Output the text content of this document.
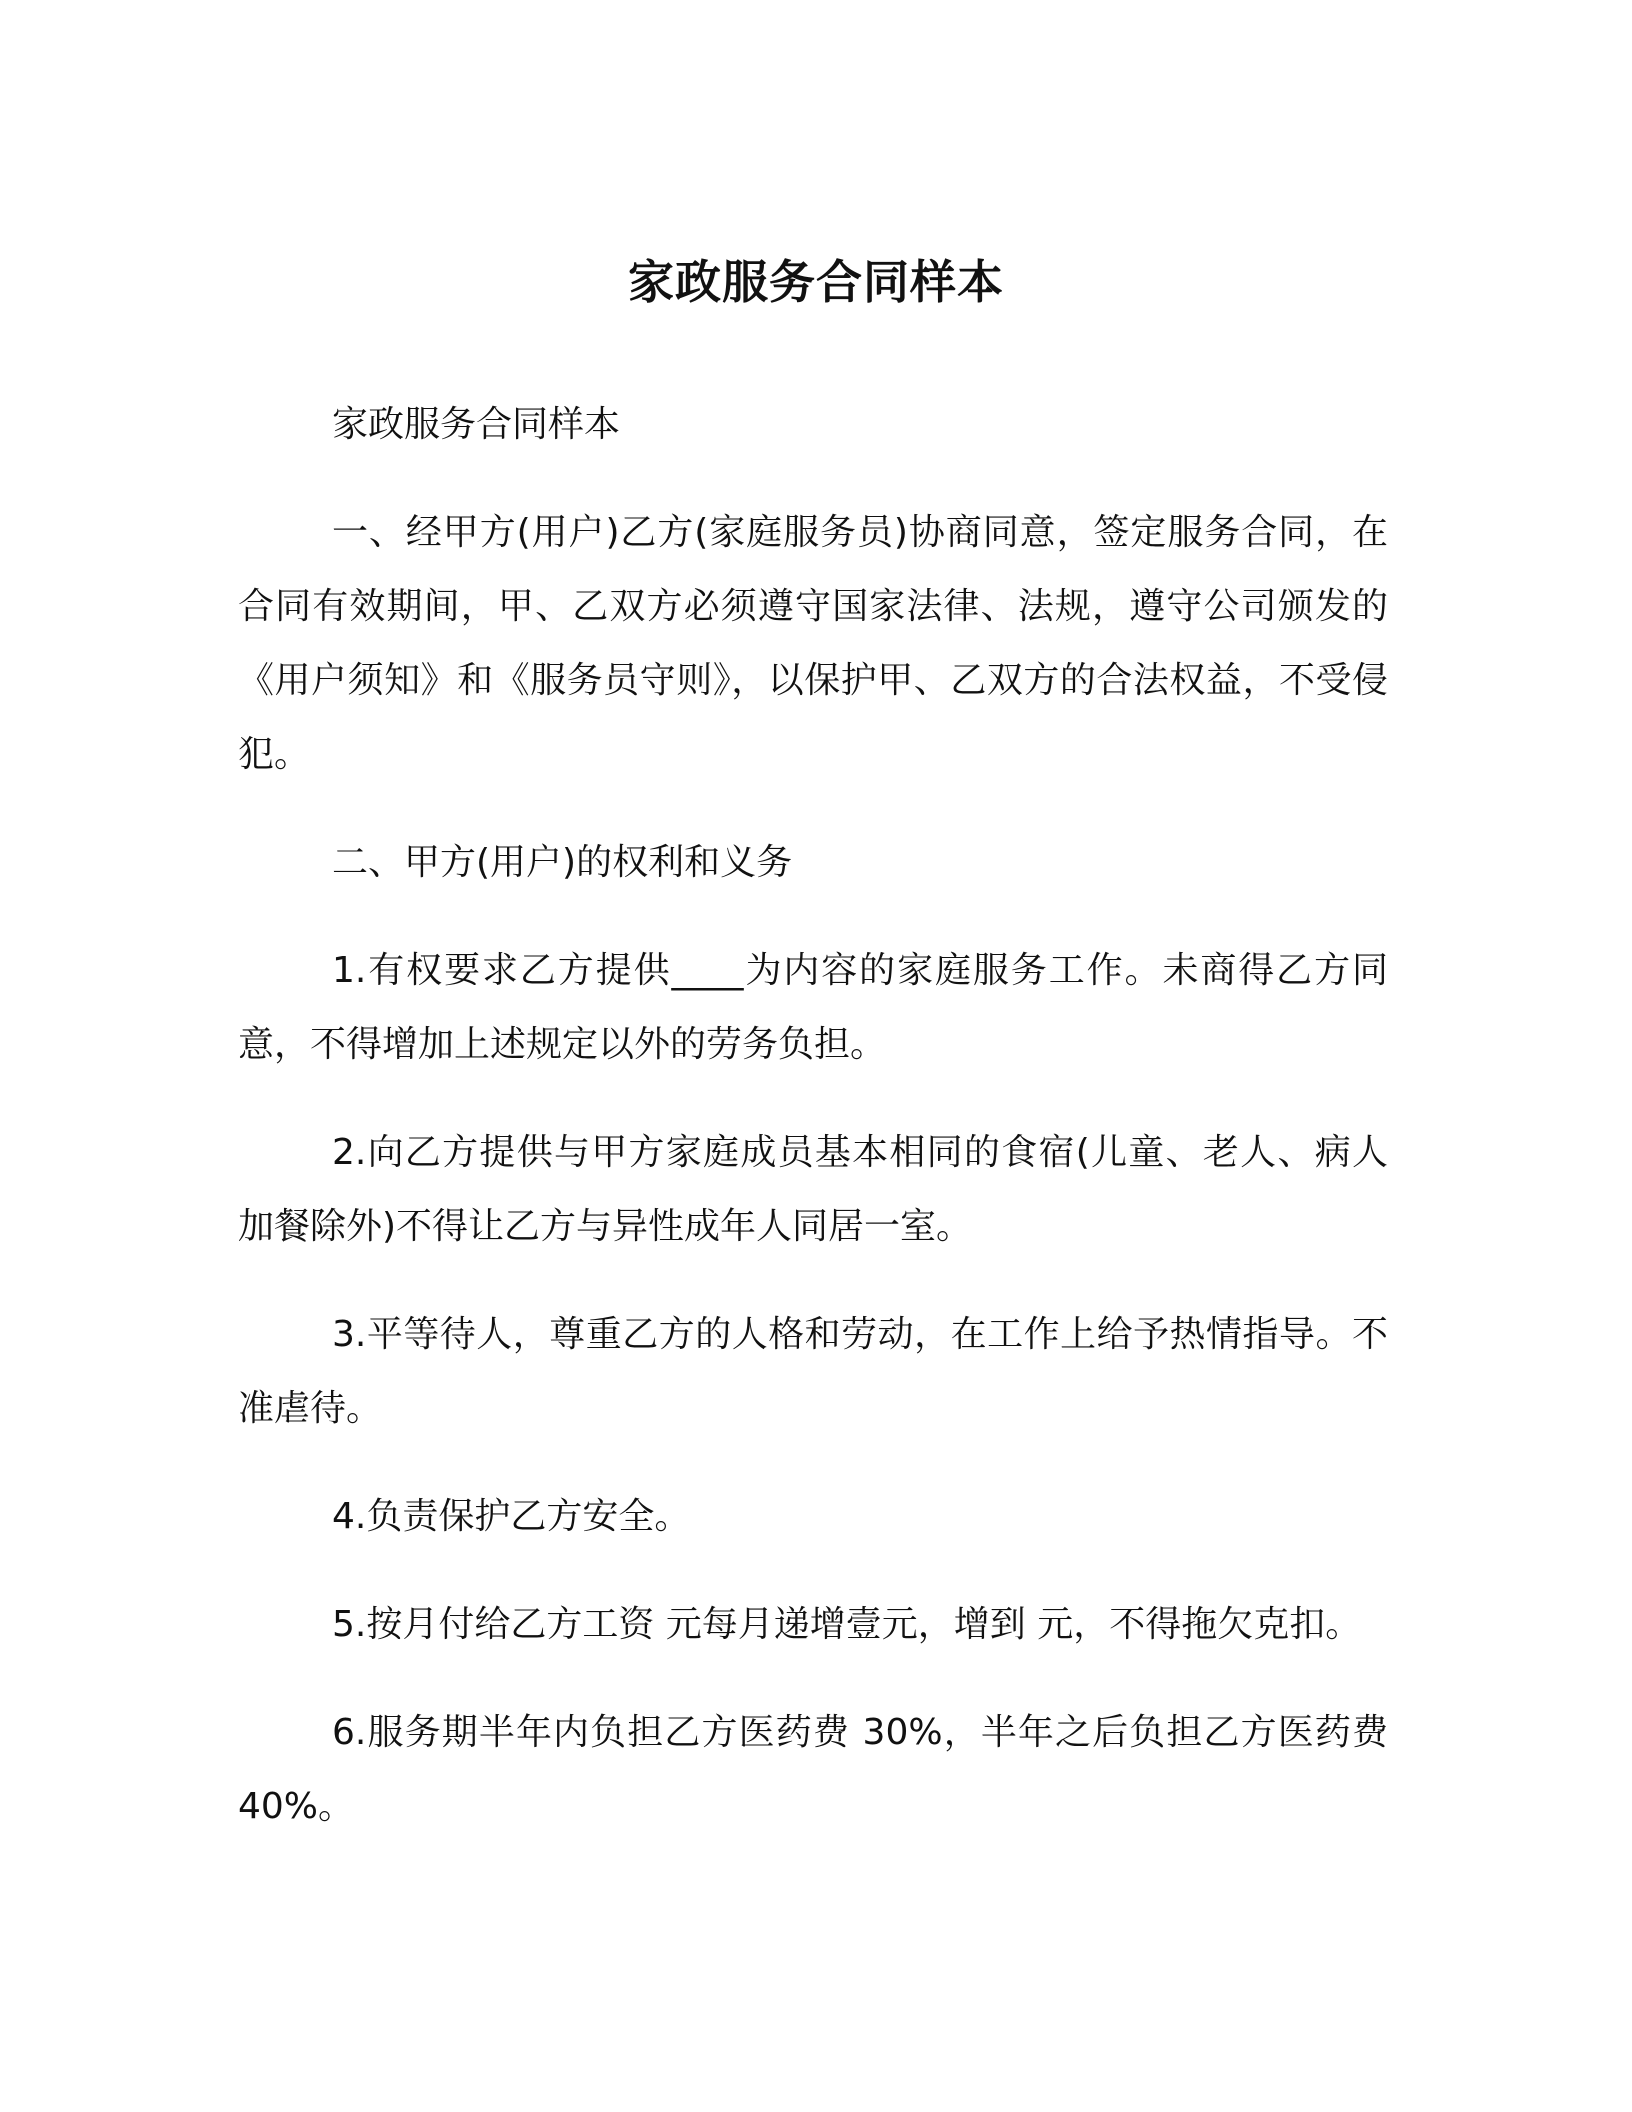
家政服务合同样本

家政服务合同样本

一、经甲方(用户)乙方(家庭服务员)协商同意，签定服务合同，在合同有效期间，甲、乙双方必须遵守国家法律、法规，遵守公司颁发的《用户须知》和《服务员守则》，以保护甲、乙双方的合法权益，不受侵犯。

二、甲方(用户)的权利和义务

1.有权要求乙方提供____为内容的家庭服务工作。未商得乙方同意，不得增加上述规定以外的劳务负担。

2.向乙方提供与甲方家庭成员基本相同的食宿(儿童、老人、病人加餐除外)不得让乙方与异性成年人同居一室。

3.平等待人，尊重乙方的人格和劳动，在工作上给予热情指导。不准虐待。

4.负责保护乙方安全。

5.按月付给乙方工资 元每月递增壹元，增到 元，不得拖欠克扣。

6.服务期半年内负担乙方医药费 30%，半年之后负担乙方医药费 40%。
